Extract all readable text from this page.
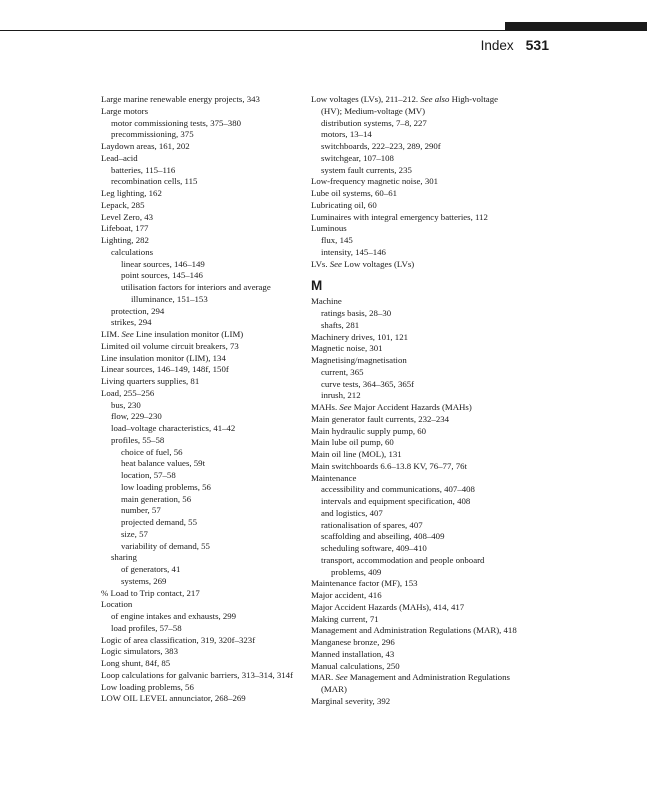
Index 531
Large marine renewable energy projects, 343
Large motors
motor commissioning tests, 375–380
precommissioning, 375
Laydown areas, 161, 202
Lead–acid
batteries, 115–116
recombination cells, 115
Leg lighting, 162
Lepack, 285
Level Zero, 43
Lifeboat, 177
Lighting, 282
calculations
linear sources, 146–149
point sources, 145–146
utilisation factors for interiors and average illuminance, 151–153
protection, 294
strikes, 294
LIM. See Line insulation monitor (LIM)
Limited oil volume circuit breakers, 73
Line insulation monitor (LIM), 134
Linear sources, 146–149, 148f, 150f
Living quarters supplies, 81
Load, 255–256
bus, 230
flow, 229–230
load–voltage characteristics, 41–42
profiles, 55–58
choice of fuel, 56
heat balance values, 59t
location, 57–58
low loading problems, 56
main generation, 56
number, 57
projected demand, 55
size, 57
variability of demand, 55
sharing
of generators, 41
systems, 269
% Load to Trip contact, 217
Location
of engine intakes and exhausts, 299
load profiles, 57–58
Logic of area classification, 319, 320f–323f
Logic simulators, 383
Long shunt, 84f, 85
Loop calculations for galvanic barriers, 313–314, 314f
Low loading problems, 56
LOW OIL LEVEL annunciator, 268–269
Low voltages (LVs), 211–212. See also High-voltage (HV); Medium-voltage (MV)
distribution systems, 7–8, 227
motors, 13–14
switchboards, 222–223, 289, 290f
switchgear, 107–108
system fault currents, 235
Low-frequency magnetic noise, 301
Lube oil systems, 60–61
Lubricating oil, 60
Luminaires with integral emergency batteries, 112
Luminous
flux, 145
intensity, 145–146
LVs. See Low voltages (LVs)
M
Machine
ratings basis, 28–30
shafts, 281
Machinery drives, 101, 121
Magnetic noise, 301
Magnetising/magnetisation
current, 365
curve tests, 364–365, 365f
inrush, 212
MAHs. See Major Accident Hazards (MAHs)
Main generator fault currents, 232–234
Main hydraulic supply pump, 60
Main lube oil pump, 60
Main oil line (MOL), 131
Main switchboards 6.6–13.8 KV, 76–77, 76t
Maintenance
accessibility and communications, 407–408
intervals and equipment specification, 408
and logistics, 407
rationalisation of spares, 407
scaffolding and abseiling, 408–409
scheduling software, 409–410
transport, accommodation and people onboard problems, 409
Maintenance factor (MF), 153
Major accident, 416
Major Accident Hazards (MAHs), 414, 417
Making current, 71
Management and Administration Regulations (MAR), 418
Manganese bronze, 296
Manned installation, 43
Manual calculations, 250
MAR. See Management and Administration Regulations (MAR)
Marginal severity, 392
